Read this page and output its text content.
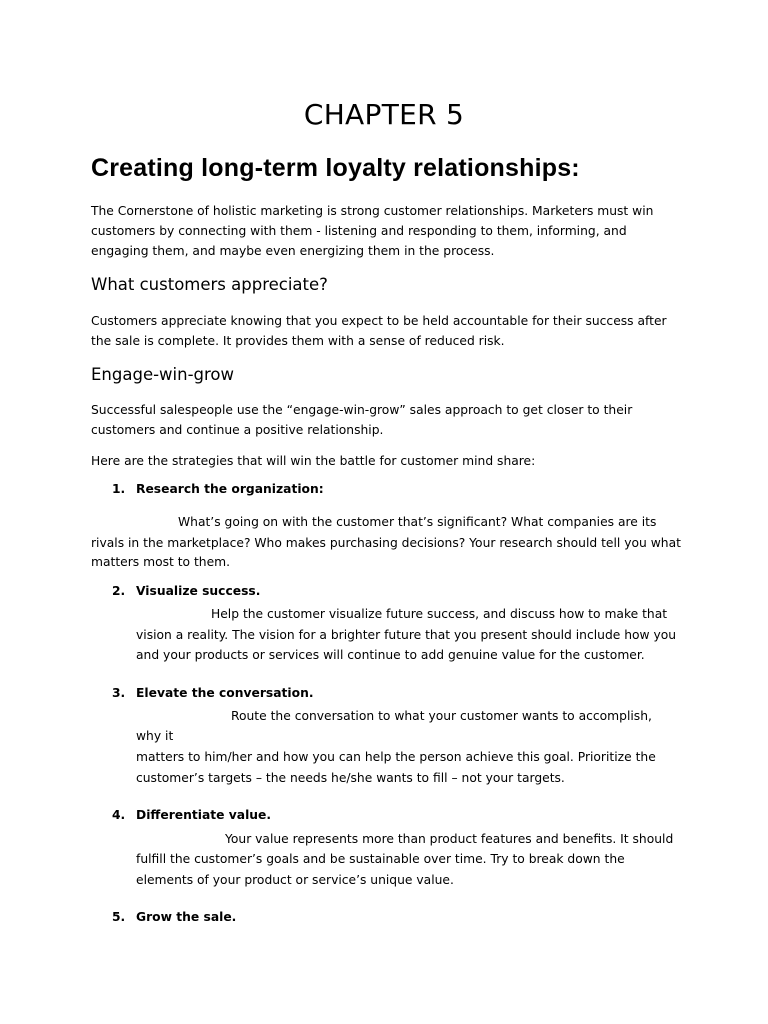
CHAPTER 5
Creating long-term loyalty relationships:
The Cornerstone of holistic marketing is strong customer relationships. Marketers must win
customers by connecting with them - listening and responding to them, informing, and
engaging them, and maybe even energizing them in the process.
What customers appreciate?
Customers appreciate knowing that you expect to be held accountable for their success after
the sale is complete. It provides them with a sense of reduced risk.
Engage-win-grow
Successful salespeople use the “engage-win-grow” sales approach to get closer to their
customers and continue a positive relationship.
Here are the strategies that will win the battle for customer mind share:
1. Research the organization:
What’s going on with the customer that’s significant? What companies are its
rivals in the marketplace? Who makes purchasing decisions? Your research should tell you what
matters most to them.
2. Visualize success.
Help the customer visualize future success, and discuss how to make that
vision a reality. The vision for a brighter future that you present should include how you
and your products or services will continue to add genuine value for the customer.
3. Elevate the conversation.
Route the conversation to what your customer wants to accomplish,
why it
matters to him/her and how you can help the person achieve this goal. Prioritize the
customer’s targets – the needs he/she wants to fill – not your targets.
4. Differentiate value.
Your value represents more than product features and benefits. It should
fulfill the customer’s goals and be sustainable over time. Try to break down the
elements of your product or service’s unique value.
5. Grow the sale.
